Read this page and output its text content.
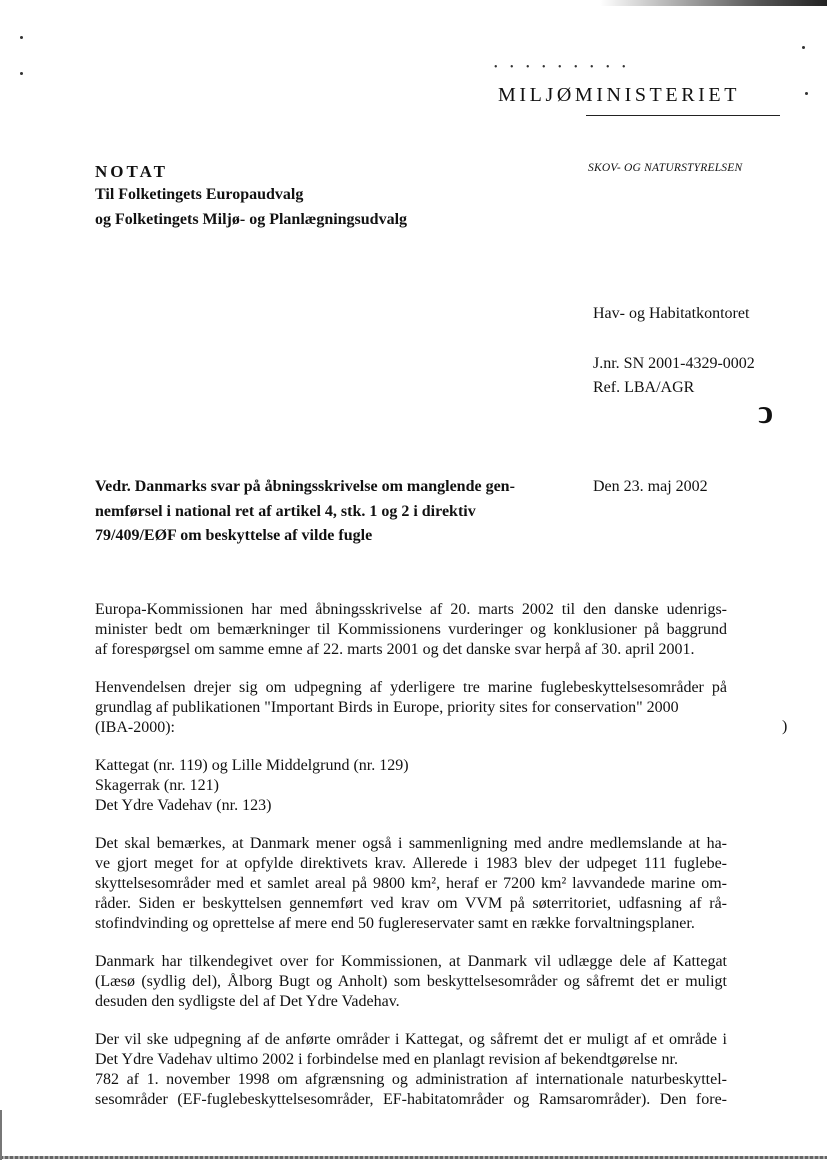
• • • • • • • • •
MILJØMINISTERIET
SKOV- OG NATURSTYRELSEN
NOTAT
Til Folketingets Europaudvalg
og Folketingets Miljø- og Planlægningsudvalg
Hav- og Habitatkontoret
J.nr. SN 2001-4329-0002
Ref. LBA/AGR
ↄ
)
Vedr. Danmarks svar på åbningsskrivelse om manglende gen-
nemførsel i national ret af artikel 4, stk. 1 og 2 i direktiv
79/409/EØF om beskyttelse af vilde fugle
Den 23. maj 2002
Europa-Kommissionen har med åbningsskrivelse af 20. marts 2002 til den danske udenrigs-
minister bedt om bemærkninger til Kommissionens vurderinger og konklusioner på baggrund
af forespørgsel om samme emne af 22. marts 2001 og det danske svar herpå af 30. april 2001.
Henvendelsen drejer sig om udpegning af yderligere tre marine fuglebeskyttelsesområder på
grundlag af publikationen "Important Birds in Europe, priority sites for conservation" 2000
(IBA-2000):
Kattegat (nr. 119) og Lille Middelgrund (nr. 129)
Skagerrak (nr. 121)
Det Ydre Vadehav (nr. 123)
Det skal bemærkes, at Danmark mener også i sammenligning med andre medlemslande at ha-
ve gjort meget for at opfylde direktivets krav. Allerede i 1983 blev der udpeget 111 fuglebe-
skyttelsesområder med et samlet areal på 9800 km², heraf er 7200 km² lavvandede marine om-
råder. Siden er beskyttelsen gennemført ved krav om VVM på søterritoriet, udfasning af rå-
stofindvinding og oprettelse af mere end 50 fuglereservater samt en række forvaltningsplaner.
Danmark har tilkendegivet over for Kommissionen, at Danmark vil udlægge dele af Kattegat
(Læsø (sydlig del), Ålborg Bugt og Anholt) som beskyttelsesområder og såfremt det er muligt
desuden den sydligste del af Det Ydre Vadehav.
Der vil ske udpegning af de anførte områder i Kattegat, og såfremt det er muligt af et område i
Det Ydre Vadehav ultimo 2002 i forbindelse med en planlagt revision af bekendtgørelse nr.
782 af 1. november 1998 om afgrænsning og administration af internationale naturbeskyttel-
sesområder (EF-fuglebeskyttelsesområder, EF-habitatområder og Ramsarområder). Den fore-
